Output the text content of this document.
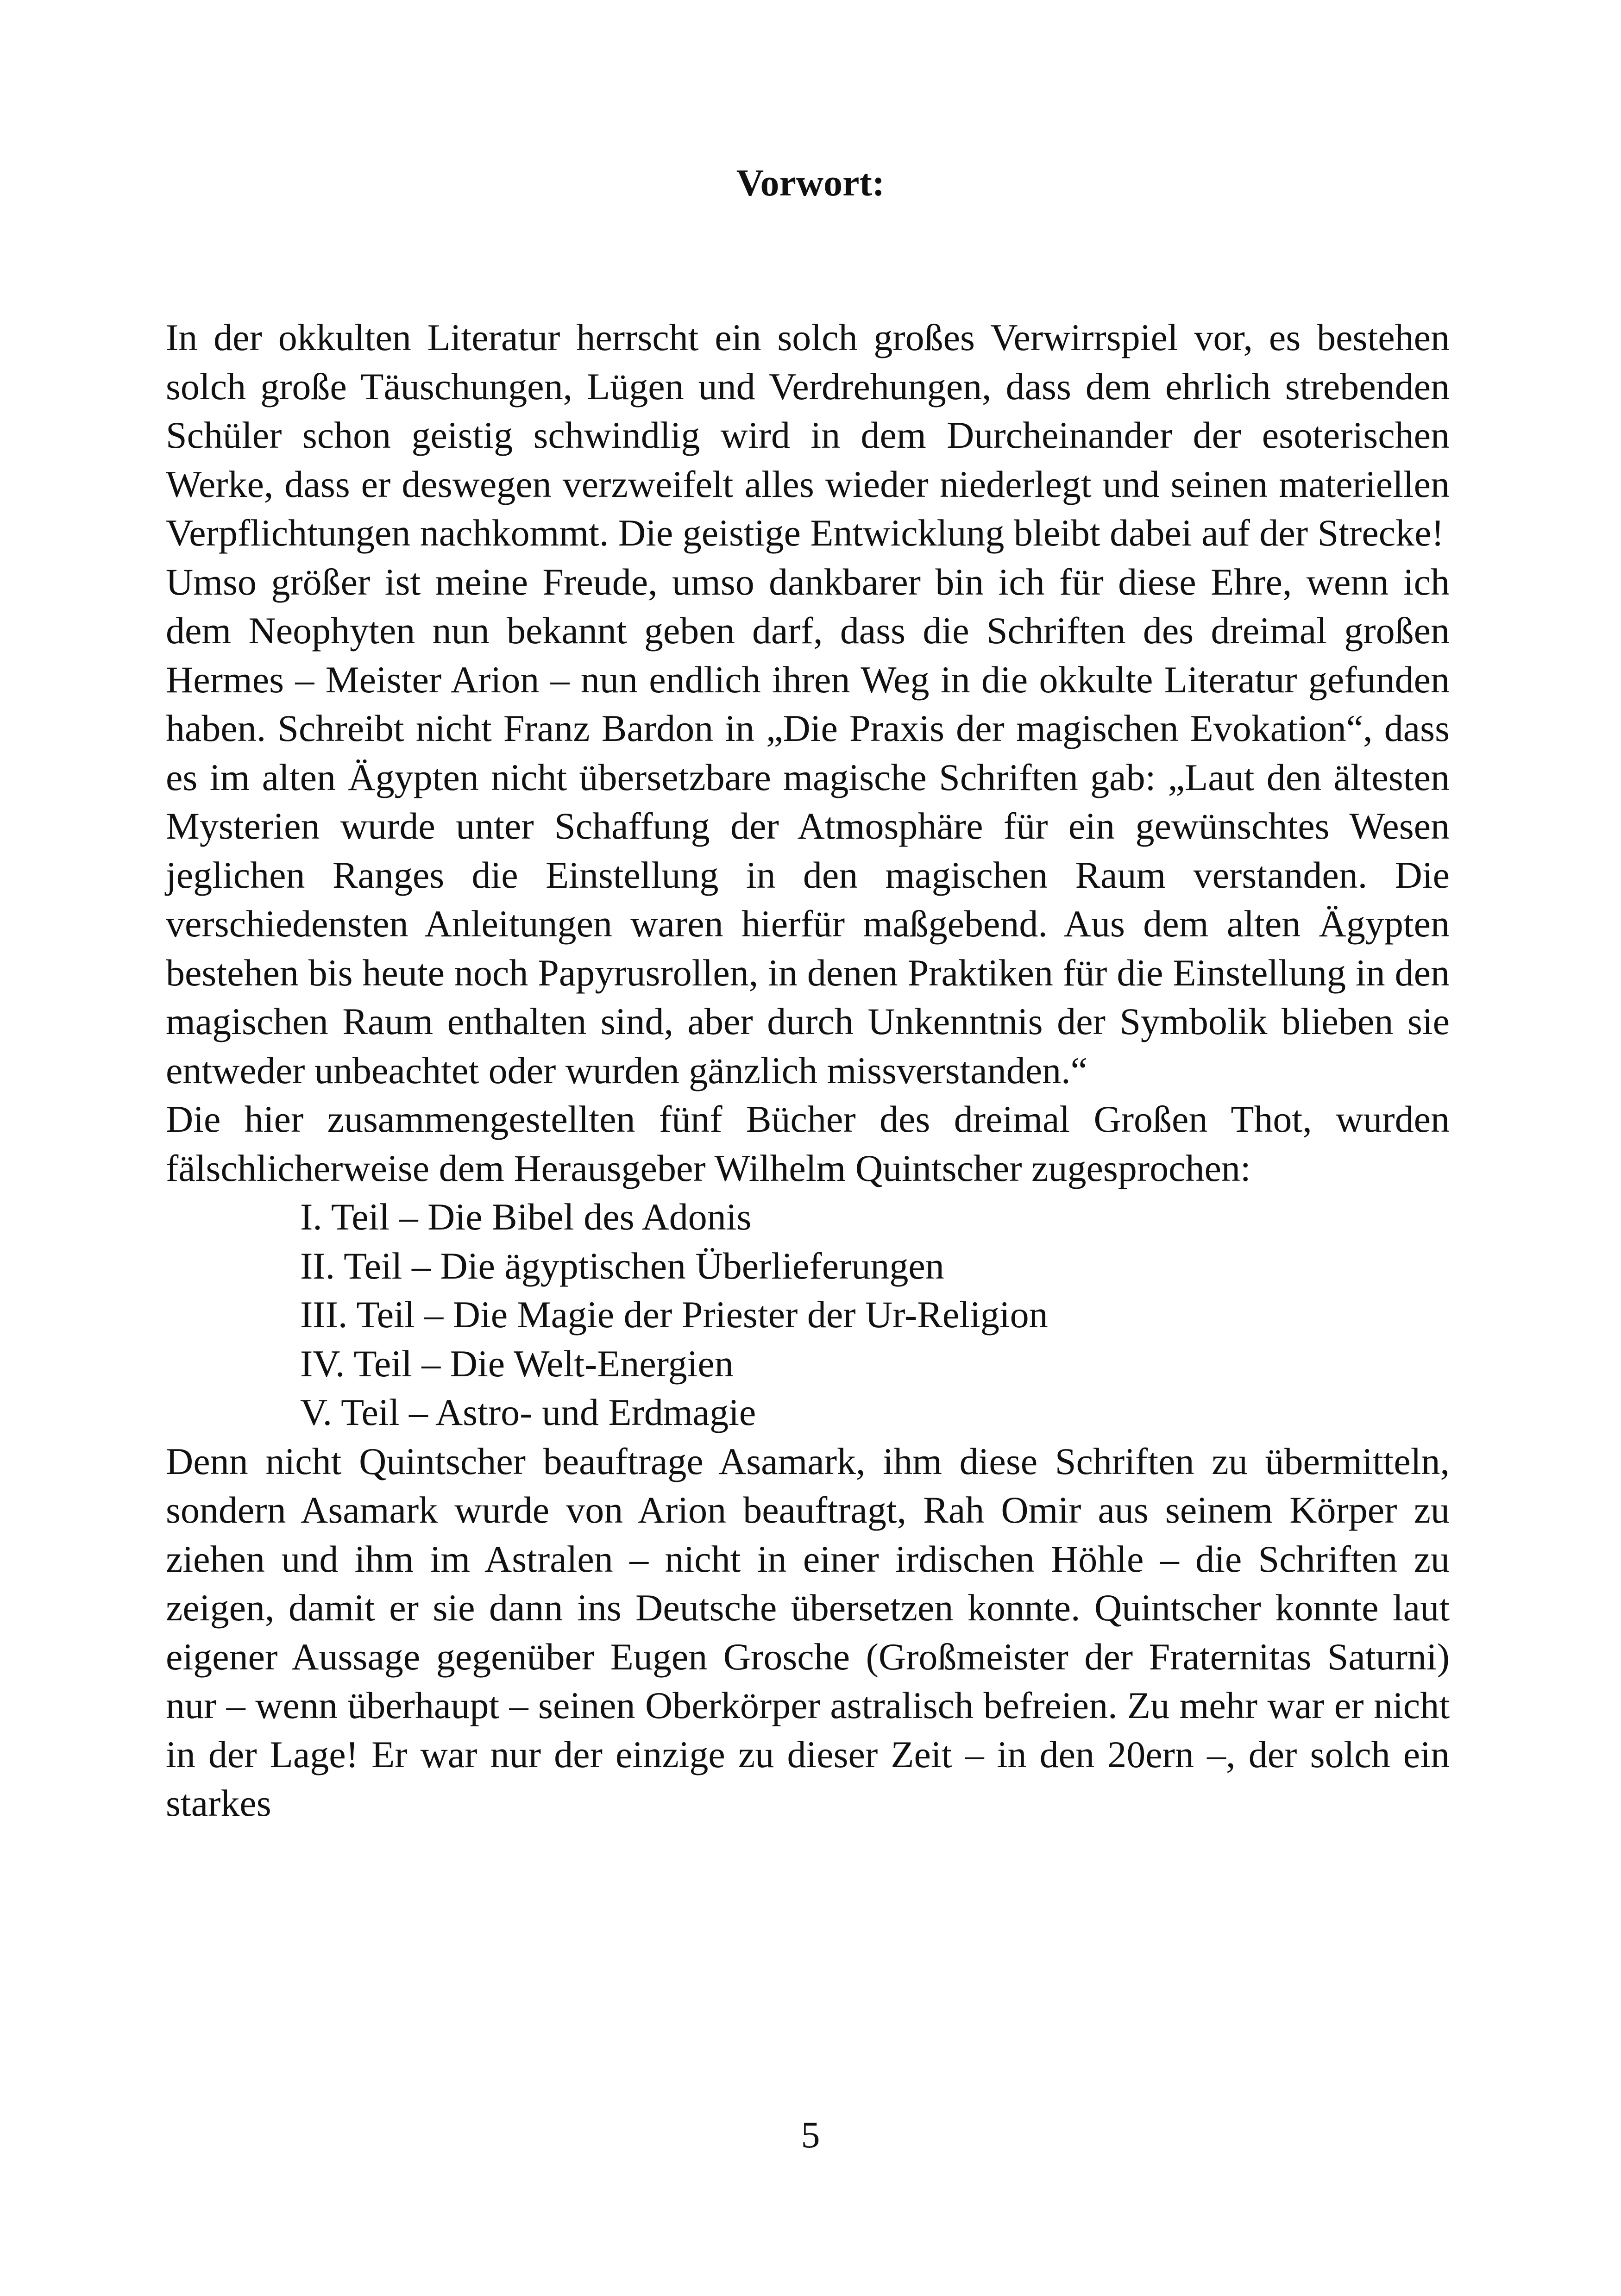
Vorwort:

In der okkulten Literatur herrscht ein solch großes Verwirrspiel vor, es bestehen solch große Täuschungen, Lügen und Verdrehungen, dass dem ehrlich strebenden Schüler schon geistig schwindlig wird in dem Durcheinander der esoterischen Werke, dass er deswegen verzweifelt alles wieder niederlegt und seinen materiellen Verpflichtungen nachkommt. Die geistige Entwicklung bleibt dabei auf der Strecke!

Umso größer ist meine Freude, umso dankbarer bin ich für diese Ehre, wenn ich dem Neophyten nun bekannt geben darf, dass die Schriften des dreimal großen Hermes – Meister Arion – nun endlich ihren Weg in die okkulte Literatur gefunden haben. Schreibt nicht Franz Bardon in „Die Praxis der magischen Evokation“, dass es im alten Ägypten nicht übersetzbare magische Schriften gab: „Laut den ältesten Mysterien wurde unter Schaffung der Atmosphäre für ein gewünschtes Wesen jeglichen Ranges die Einstellung in den magischen Raum verstanden. Die verschiedensten Anleitungen waren hierfür maßgebend. Aus dem alten Ägypten bestehen bis heute noch Papyrusrollen, in denen Praktiken für die Einstellung in den magischen Raum enthalten sind, aber durch Unkenntnis der Symbolik blieben sie entweder unbeachtet oder wurden gänzlich missverstanden.“

Die hier zusammengestellten fünf Bücher des dreimal Großen Thot, wurden fälschlicherweise dem Herausgeber Wilhelm Quintscher zugesprochen:

I. Teil – Die Bibel des Adonis
II. Teil – Die ägyptischen Überlieferungen
III. Teil – Die Magie der Priester der Ur-Religion
IV. Teil – Die Welt-Energien
V. Teil – Astro- und Erdmagie

Denn nicht Quintscher beauftrage Asamark, ihm diese Schriften zu übermitteln, sondern Asamark wurde von Arion beauftragt, Rah Omir aus seinem Körper zu ziehen und ihm im Astralen – nicht in einer irdischen Höhle – die Schriften zu zeigen, damit er sie dann ins Deutsche übersetzen konnte. Quintscher konnte laut eigener Aussage gegenüber Eugen Grosche (Großmeister der Fraternitas Saturni) nur – wenn überhaupt – seinen Oberkörper astralisch befreien. Zu mehr war er nicht in der Lage! Er war nur der einzige zu dieser Zeit – in den 20ern –, der solch ein starkes

5
